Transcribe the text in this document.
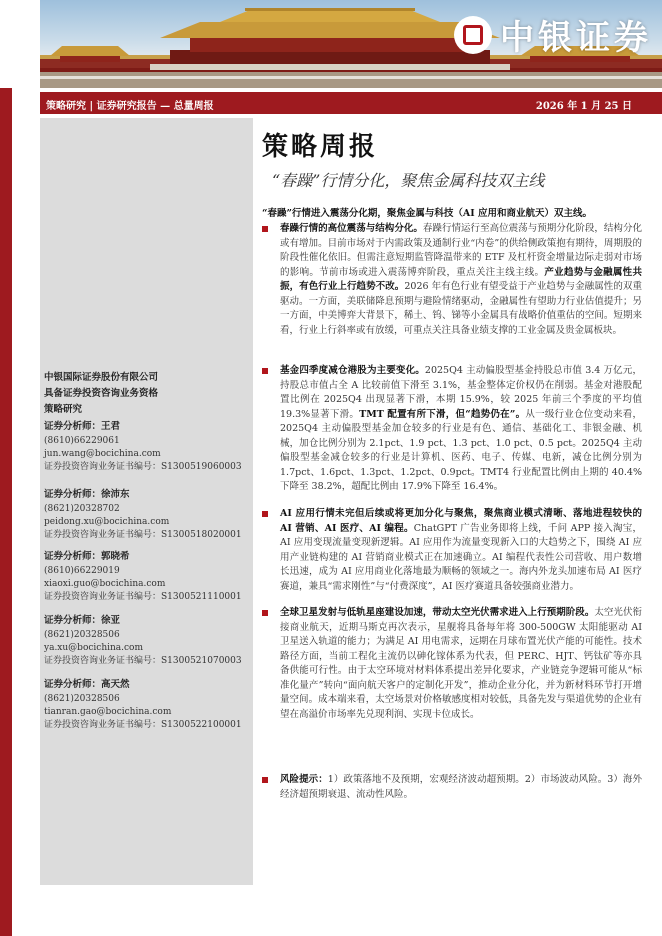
中银证券
策略研究 | 证券研究报告 — 总量周报	2026 年 1 月 25 日
中银国际证券股份有限公司
具备证券投资咨询业务资格
策略研究
证券分析师：王君
(8610)66229061
jun.wang@bocichina.com
证券投资咨询业务证书编号：S1300519060003
证券分析师：徐沛东
(8621)20328702
peidong.xu@bocichina.com
证券投资咨询业务证书编号：S1300518020001
证券分析师：郭晓希
(8610)66229019
xiaoxi.guo@bocichina.com
证券投资咨询业务证书编号：S1300521110001
证券分析师：徐亚
(8621)20328506
ya.xu@bocichina.com
证券投资咨询业务证书编号：S1300521070003
证券分析师：高天然
(8621)20328506
tianran.gao@bocichina.com
证券投资咨询业务证书编号：S1300522100001
策略周报
“春躁”行情分化，聚焦金属科技双主线
“春躁”行情进入震荡分化期，聚焦金属与科技（AI 应用和商业航天）双主线。
春躁行情的高位震荡与结构分化。春躁行情运行至高位震荡与预期分化阶段，结构分化或有增加。目前市场对于内需政策及通制行业“内卷”的供给侧政策抱有期待，周期股的阶段性催化依旧。但需注意短期监管降温带来的 ETF 及杠杆资金增量边际走弱对市场的影响。节前市场或进入震荡博弈阶段，重点关注主线主线。产业趋势与金融属性共振，有色行业上行趋势不改。2026 年有色行业有望受益于产业趋势与金融属性的双重驱动。一方面，美联储降息预期与避险情绪驱动，金融属性有望助力行业估值提升；另一方面，中美博弈大背景下，稀土、钨、锑等小金属具有战略价值重估的空间。短期来看，行业上行斜率或有放缓，可重点关注具备业绩支撑的工业金属及贵金属板块。
基金四季度减仓港股为主要变化。2025Q4 主动偏股型基金持股总市值 3.4 万亿元，持股总市值占全 A 比较前值下滑至 3.1%，基金整体定价权仍在削弱。基金对港股配置比例在 2025Q4 出现显著下滑，本期 15.9%，较 2025 年前三个季度的平均值 19.3%显著下滑。TMT 配置有所下滑，但“趋势仍在”。从一级行业仓位变动来看，2025Q4 主动偏股型基金加仓较多的行业是有色、通信、基础化工、非银金融、机械，加仓比例分别为 2.1pct、1.9 pct、1.3 pct、1.0 pct、0.5 pct。2025Q4 主动偏股型基金减仓较多的行业是计算机、医药、电子、传媒、电新，减仓比例分别为 1.7pct、1.6pct、1.3pct、1.2pct、0.9pct。TMT4 行业配置比例由上期的 40.4%下降至 38.2%，超配比例由 17.9%下降至 16.4%。
AI 应用行情未完但后续或将更加分化与聚焦，聚焦商业模式清晰、落地进程较快的 AI 营销、AI 医疗、AI 编程。ChatGPT 广告业务即将上线，千问 APP 接入淘宝，AI 应用变现流量变现新逻辑。AI 应用作为流量变现新入口的大趋势之下，围绕 AI 应用产业链构建的 AI 营销商业模式正在加速确立。AI 编程代表性公司营收、用户数增长迅速，成为 AI 应用商业化落地最为顺畅的领域之一。海内外龙头加速布局 AI 医疗赛道，兼具“需求刚性”与“付费深度”，AI 医疗赛道具备较强商业潜力。
全球卫星发射与低轨星座建设加速，带动太空光伏需求进入上行预期阶段。太空光伏衔接商业航天，近期马斯克再次表示，星舰将具备每年将 300-500GW 太阳能驱动 AI 卫星送入轨道的能力；为满足 AI 用电需求，远期在月球布置光伏产能的可能性。技术路径方面，当前工程化主流仍以砷化镓体系为代表，但 PERC、HJT、钙钛矿等亦具备供能可行性。由于太空环境对材料体系提出差异化要求，产业链竞争逻辑可能从“标准化量产”转向“面向航天客户的定制化开发”，推动企业分化，并为新材料环节打开增量空间。成本端来看，太空场景对价格敏感度相对较低，具备先发与渠道优势的企业有望在高溢价市场率先兑现利润、实现卡位成长。
风险提示：1）政策落地不及预期，宏观经济波动超预期。2）市场波动风险。3）海外经济超预期衰退、流动性风险。
